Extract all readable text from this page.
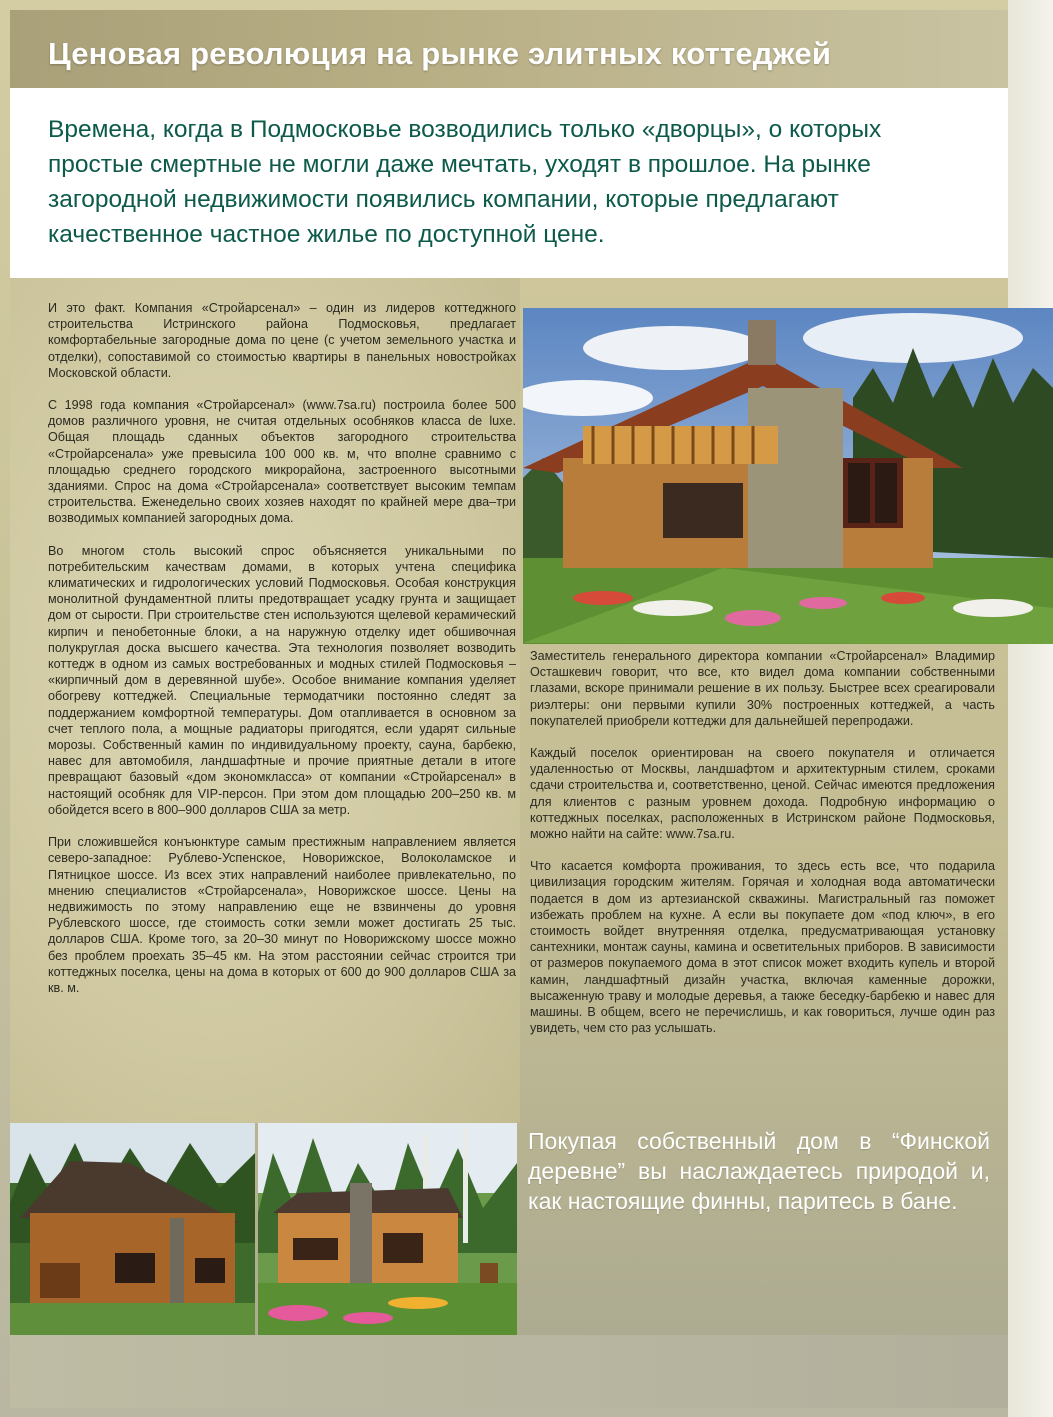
Ценовая революция на рынке элитных коттеджей

Времена, когда в Подмосковье возводились только «дворцы», о которых простые смертные не могли даже мечтать, уходят в прошлое. На рынке загородной недвижимости появились компании, которые предлагают качественное частное жилье по доступной цене.

И это факт. Компания «Стройарсенал» – один из лидеров коттеджного строительства Истринского района Подмосковья, предлагает комфортабельные загородные дома по цене (с учетом земельного участка и отделки), сопоставимой со стоимостью квартиры в панельных новостройках Московской области.

С 1998 года компания «Стройарсенал» (www.7sa.ru) построила более 500 домов различного уровня, не считая отдельных особняков класса de luxe. Общая площадь сданных объектов загородного строительства «Стройарсенала» уже превысила 100 000 кв. м, что вполне сравнимо с площадью среднего городского микрорайона, застроенного высотными зданиями. Спрос на дома «Стройарсенала» соответствует высоким темпам строительства. Еженедельно своих хозяев находят по крайней мере два–три возводимых компанией загородных дома.

Во многом столь высокий спрос объясняется уникальными по потребительским качествам домами, в которых учтена специфика климатических и гидрологических условий Подмосковья. Особая конструкция монолитной фундаментной плиты предотвращает усадку грунта и защищает дом от сырости. При строительстве стен используются щелевой керамический кирпич и пенобетонные блоки, а на наружную отделку идет обшивочная полукруглая доска высшего качества. Эта технология позволяет возводить коттедж в одном из самых востребованных и модных стилей Подмосковья – «кирпичный дом в деревянной шубе». Особое внимание компания уделяет обогреву коттеджей. Специальные термодатчики постоянно следят за поддержанием комфортной температуры. Дом отапливается в основном за счет теплого пола, а мощные радиаторы пригодятся, если ударят сильные морозы. Собственный камин по индивидуальному проекту, сауна, барбекю, навес для автомобиля, ландшафтные и прочие приятные детали в итоге превращают базовый «дом экономкласса» от компании «Стройарсенал» в настоящий особняк для VIP-персон. При этом дом площадью 200–250 кв. м обойдется всего в 800–900 долларов США за метр.

При сложившейся конъюнктуре самым престижным направлением является северо-западное: Рублево-Успенское, Новорижское, Волоколамское и Пятницкое шоссе. Из всех этих направлений наиболее привлекательно, по мнению специалистов «Стройарсенала», Новорижское шоссе. Цены на недвижимость по этому направлению еще не взвинчены до уровня Рублевского шоссе, где стоимость сотки земли может достигать 25 тыс. долларов США. Кроме того, за 20–30 минут по Новорижскому шоссе можно без проблем проехать 35–45 км. На этом расстоянии сейчас строится три коттеджных поселка, цены на дома в которых от 600 до 900 долларов США за кв. м.

Заместитель генерального директора компании «Стройарсенал» Владимир Осташкевич говорит, что все, кто видел дома компании собственными глазами, вскоре принимали решение в их пользу. Быстрее всех среагировали риэлтеры: они первыми купили 30% построенных коттеджей, а часть покупателей приобрели коттеджи для дальнейшей перепродажи.

Каждый поселок ориентирован на своего покупателя и отличается удаленностью от Москвы, ландшафтом и архитектурным стилем, сроками сдачи строительства и, соответственно, ценой. Сейчас имеются предложения для клиентов с разным уровнем дохода. Подробную информацию о коттеджных поселках, расположенных в Истринском районе Подмосковья, можно найти на сайте: www.7sa.ru.

Что касается комфорта проживания, то здесь есть все, что подарила цивилизация городским жителям. Горячая и холодная вода автоматически подается в дом из артезианской скважины. Магистральный газ поможет избежать проблем на кухне. А если вы покупаете дом «под ключ», в его стоимость войдет внутренняя отделка, предусматривающая установку сантехники, монтаж сауны, камина и осветительных приборов. В зависимости от размеров покупаемого дома в этот список может входить купель и второй камин, ландшафтный дизайн участка, включая каменные дорожки, высаженную траву и молодые деревья, а также беседку-барбекю и навес для машины. В общем, всего не перечислишь, и как говориться, лучше один раз увидеть, чем сто раз услышать.

Покупая собственный дом в “Финской деревне” вы наслаждаетесь природой и, как настоящие финны, паритесь в бане.
